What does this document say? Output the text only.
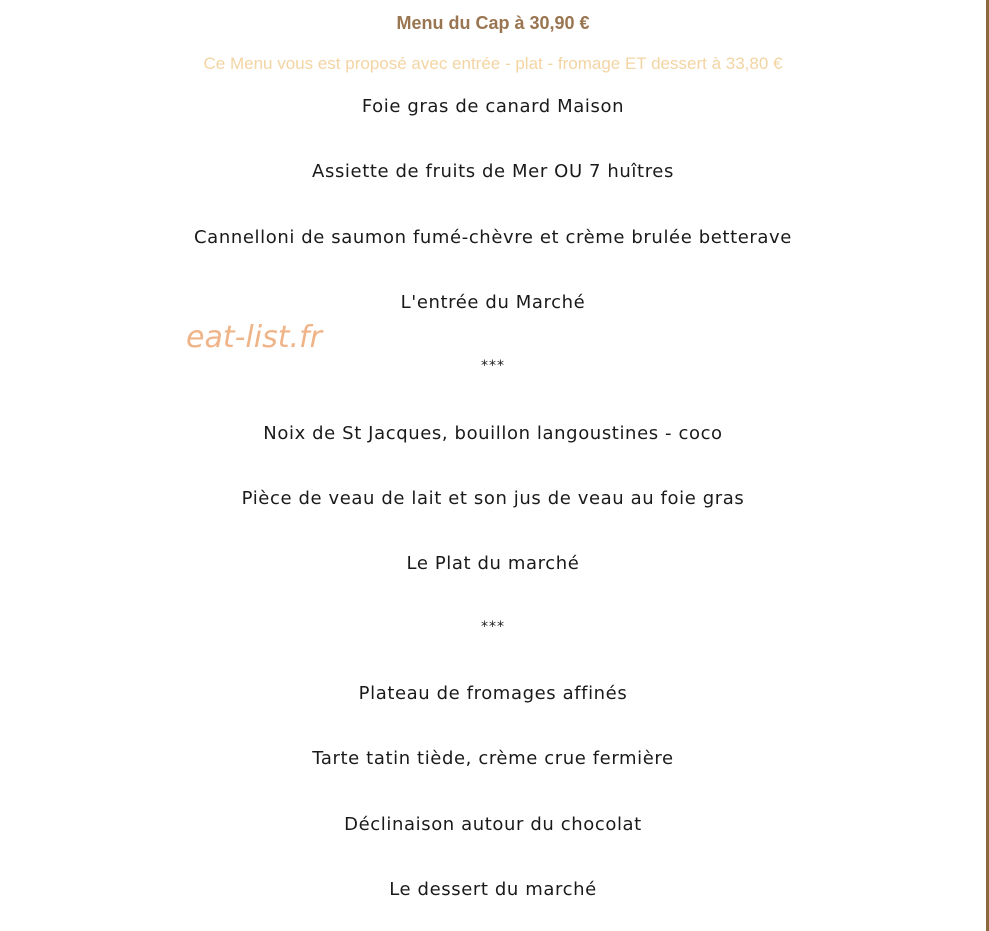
Menu du Cap à 30,90 €
Ce Menu vous est proposé avec entrée - plat - fromage ET dessert à 33,80 €
eat-list.fr
Foie gras de canard Maison
Assiette de fruits de Mer OU 7 huîtres
Cannelloni de saumon fumé-chèvre et crème brulée betterave
L'entrée du Marché
***
Noix de St Jacques, bouillon langoustines - coco
Pièce de veau de lait et son jus de veau au foie gras
Le Plat du marché
***
Plateau de fromages affinés
Tarte tatin tiède, crème crue fermière
Déclinaison autour du chocolat
Le dessert du marché
